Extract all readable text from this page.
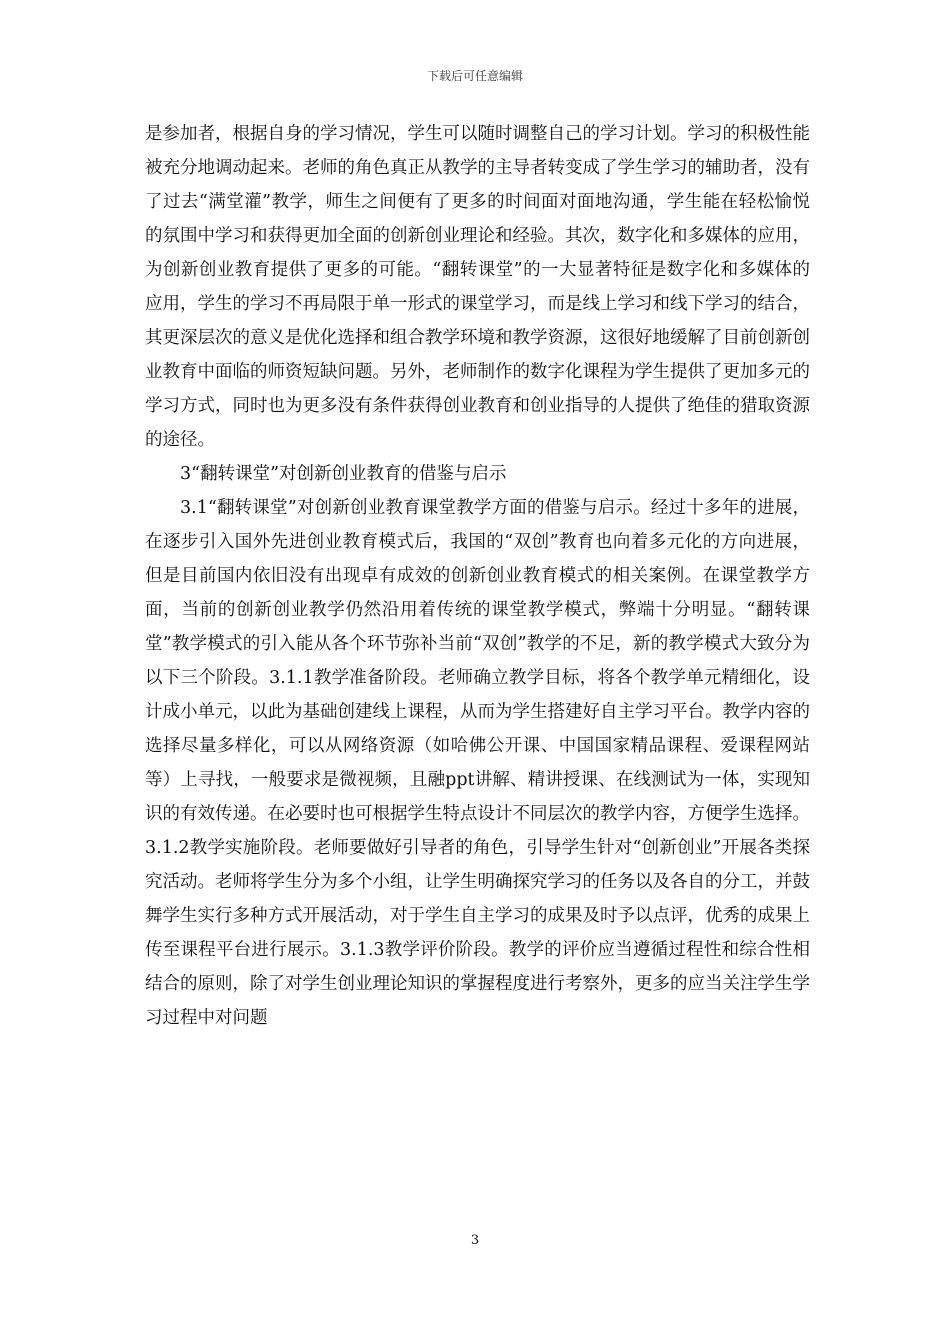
下载后可任意编辑

是参加者，根据自身的学习情况，学生可以随时调整自己的学习计划。学习的积极性能被充分地调动起来。老师的角色真正从教学的主导者转变成了学生学习的辅助者，没有了过去“满堂灌”教学，师生之间便有了更多的时间面对面地沟通，学生能在轻松愉悦的氛围中学习和获得更加全面的创新创业理论和经验。其次，数字化和多媒体的应用，为创新创业教育提供了更多的可能。“翻转课堂”的一大显著特征是数字化和多媒体的应用，学生的学习不再局限于单一形式的课堂学习，而是线上学习和线下学习的结合，其更深层次的意义是优化选择和组合教学环境和教学资源，这很好地缓解了目前创新创业教育中面临的师资短缺问题。另外，老师制作的数字化课程为学生提供了更加多元的学习方式，同时也为更多没有条件获得创业教育和创业指导的人提供了绝佳的猎取资源的途径。

3“翻转课堂”对创新创业教育的借鉴与启示

3.1“翻转课堂”对创新创业教育课堂教学方面的借鉴与启示。经过十多年的进展，在逐步引入国外先进创业教育模式后，我国的“双创”教育也向着多元化的方向进展，但是目前国内依旧没有出现卓有成效的创新创业教育模式的相关案例。在课堂教学方面，当前的创新创业教学仍然沿用着传统的课堂教学模式，弊端十分明显。“翻转课堂”教学模式的引入能从各个环节弥补当前“双创”教学的不足，新的教学模式大致分为以下三个阶段。3.1.1教学准备阶段。老师确立教学目标，将各个教学单元精细化，设计成小单元，以此为基础创建线上课程，从而为学生搭建好自主学习平台。教学内容的选择尽量多样化，可以从网络资源（如哈佛公开课、中国国家精品课程、爱课程网站等）上寻找，一般要求是微视频，且融ppt讲解、精讲授课、在线测试为一体，实现知识的有效传递。在必要时也可根据学生特点设计不同层次的教学内容，方便学生选择。3.1.2教学实施阶段。老师要做好引导者的角色，引导学生针对“创新创业”开展各类探究活动。老师将学生分为多个小组，让学生明确探究学习的任务以及各自的分工，并鼓舞学生实行多种方式开展活动，对于学生自主学习的成果及时予以点评，优秀的成果上传至课程平台进行展示。3.1.3教学评价阶段。教学的评价应当遵循过程性和综合性相结合的原则，除了对学生创业理论知识的掌握程度进行考察外，更多的应当关注学生学习过程中对问题

3
